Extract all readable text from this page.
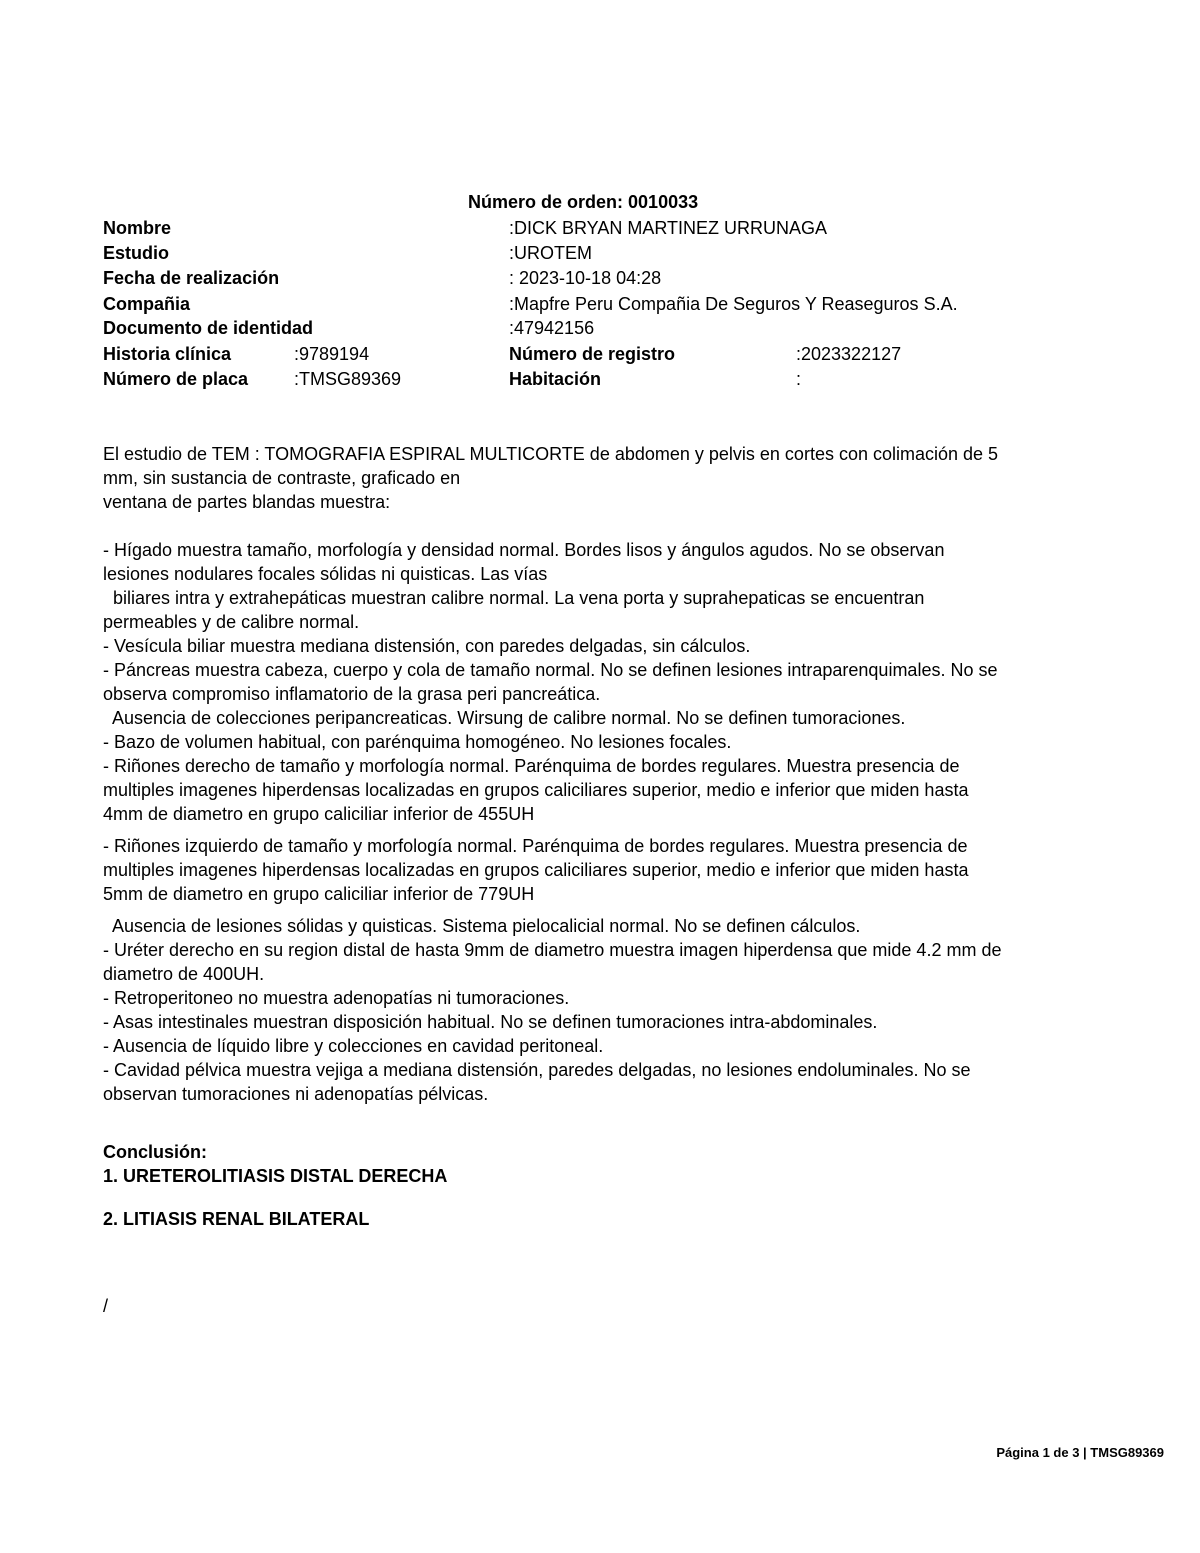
Número de orden: 0010033
Nombre	:DICK BRYAN MARTINEZ URRUNAGA
Estudio	:UROTEM
Fecha de realización	: 2023-10-18 04:28
Compañia	:Mapfre Peru Compañia De Seguros Y Reaseguros S.A.
Documento de identidad	:47942156
Historia clínica	:9789194	Número de registro	:2023322127
Número de placa	:TMSG89369	Habitación	:
El estudio de TEM : TOMOGRAFIA ESPIRAL MULTICORTE de abdomen y pelvis en cortes con colimación de 5
mm, sin sustancia de contraste, graficado en
ventana de partes blandas muestra:
- Hígado muestra tamaño, morfología y densidad normal. Bordes lisos y ángulos agudos. No se observan
lesiones nodulares focales sólidas ni quisticas. Las vías
biliares intra y extrahepáticas muestran calibre normal. La vena porta y suprahepaticas se encuentran
permeables y de calibre normal.
- Vesícula biliar muestra mediana distensión, con paredes delgadas, sin cálculos.
- Páncreas muestra cabeza, cuerpo y cola de tamaño normal. No se definen lesiones intraparenquimales. No se
observa compromiso inflamatorio de la grasa peri pancreática.
Ausencia de colecciones peripancreaticas. Wirsung de calibre normal. No se definen tumoraciones.
- Bazo de volumen habitual, con parénquima homogéneo. No lesiones focales.
- Riñones derecho de tamaño y morfología normal. Parénquima de bordes regulares. Muestra presencia de
multiples imagenes hiperdensas localizadas en grupos caliciliares superior, medio e inferior que miden hasta
4mm de diametro en grupo caliciliar inferior de 455UH
- Riñones izquierdo de tamaño y morfología normal. Parénquima de bordes regulares. Muestra presencia de
multiples imagenes hiperdensas localizadas en grupos caliciliares superior, medio e inferior que miden hasta
5mm de diametro en grupo caliciliar inferior de 779UH
Ausencia de lesiones sólidas y quisticas. Sistema pielocalicial normal. No se definen cálculos.
- Uréter derecho en su region distal de hasta 9mm de diametro muestra imagen hiperdensa que mide 4.2 mm de
diametro de 400UH.
- Retroperitoneo no muestra adenopatías ni tumoraciones.
- Asas intestinales muestran disposición habitual. No se definen tumoraciones intra-abdominales.
- Ausencia de líquido libre y colecciones en cavidad peritoneal.
- Cavidad pélvica muestra vejiga a mediana distensión, paredes delgadas, no lesiones endoluminales. No se
observan tumoraciones ni adenopatías pélvicas.
Conclusión:
1. URETEROLITIASIS DISTAL DERECHA
2. LITIASIS RENAL BILATERAL
/
Página 1 de 3 | TMSG89369
